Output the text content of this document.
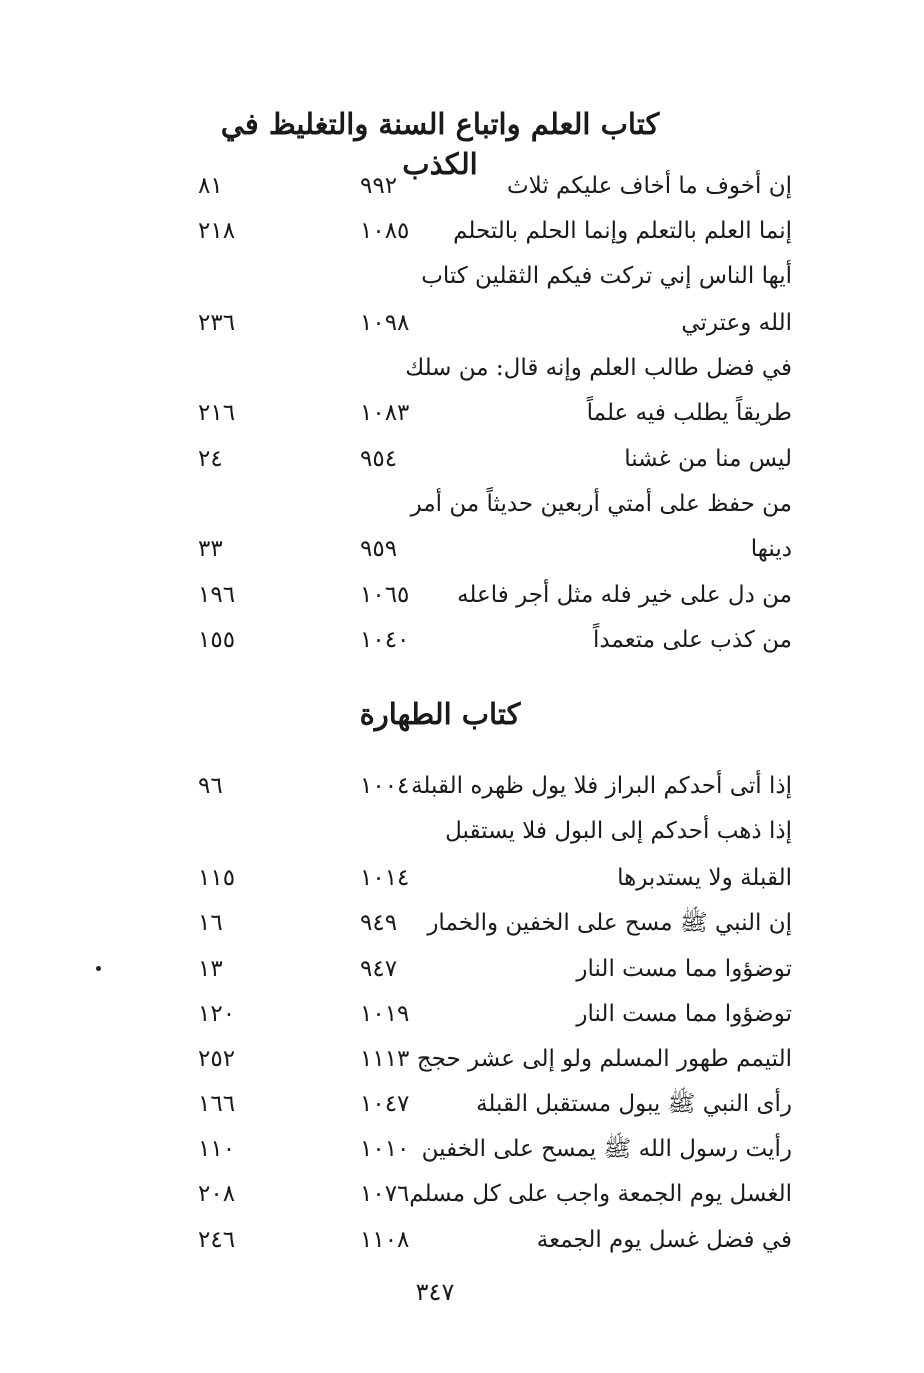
كتاب العلم واتباع السنة والتغليظ في الكذب
إن أخوف ما أخاف عليكم ثلاث
٩٩٢
٨١
إنما العلم بالتعلم وإنما الحلم بالتحلم
١٠٨٥
٢١٨
أيها الناس إني تركت فيكم الثقلين كتاب
الله وعترتي
١٠٩٨
٢٣٦
في فضل طالب العلم وإنه قال: من سلك
طريقاً يطلب فيه علماً
١٠٨٣
٢١٦
ليس منا من غشنا
٩٥٤
٢٤
من حفظ على أمتي أربعين حديثاً من أمر
دينها
٩٥٩
٣٣
من دل على خير فله مثل أجر فاعله
١٠٦٥
١٩٦
من كذب على متعمداً
١٠٤٠
١٥٥
كتاب الطهارة
إذا أتى أحدكم البراز فلا يول ظهره القبلة
١٠٠٤
٩٦
إذا ذهب أحدكم إلى البول فلا يستقبل
القبلة ولا يستدبرها
١٠١٤
١١٥
إن النبي ﷺ مسح على الخفين والخمار
٩٤٩
١٦
توضؤوا مما مست النار
٩٤٧
١٣
توضؤوا مما مست النار
١٠١٩
١٢٠
التيمم طهور المسلم ولو إلى عشر حجج
١١١٣
٢٥٢
رأى النبي ﷺ يبول مستقبل القبلة
١٠٤٧
١٦٦
رأيت رسول الله ﷺ يمسح على الخفين
١٠١٠
١١٠
الغسل يوم الجمعة واجب على كل مسلم
١٠٧٦
٢٠٨
في فضل غسل يوم الجمعة
١١٠٨
٢٤٦
٣٤٧
